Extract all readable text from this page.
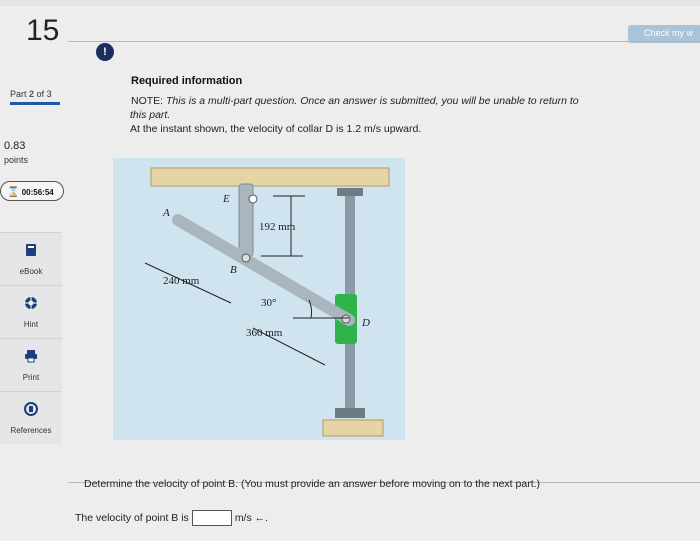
15	Check my w
Part 2 of 3
0.83
points
⌛ 00:56:54
eBook
Hint
Print
References
!
Required information
NOTE: This is a multi-part question. Once an answer is submitted, you will be unable to return to
this part.
At the instant shown, the velocity of collar D is 1.2 m/s upward.
A
E
B
D
192 mm
240 mm
360 mm
30°
Determine the velocity of point B. (You must provide an answer before moving on to the next part.)
The velocity of point B is	m/s ←.
